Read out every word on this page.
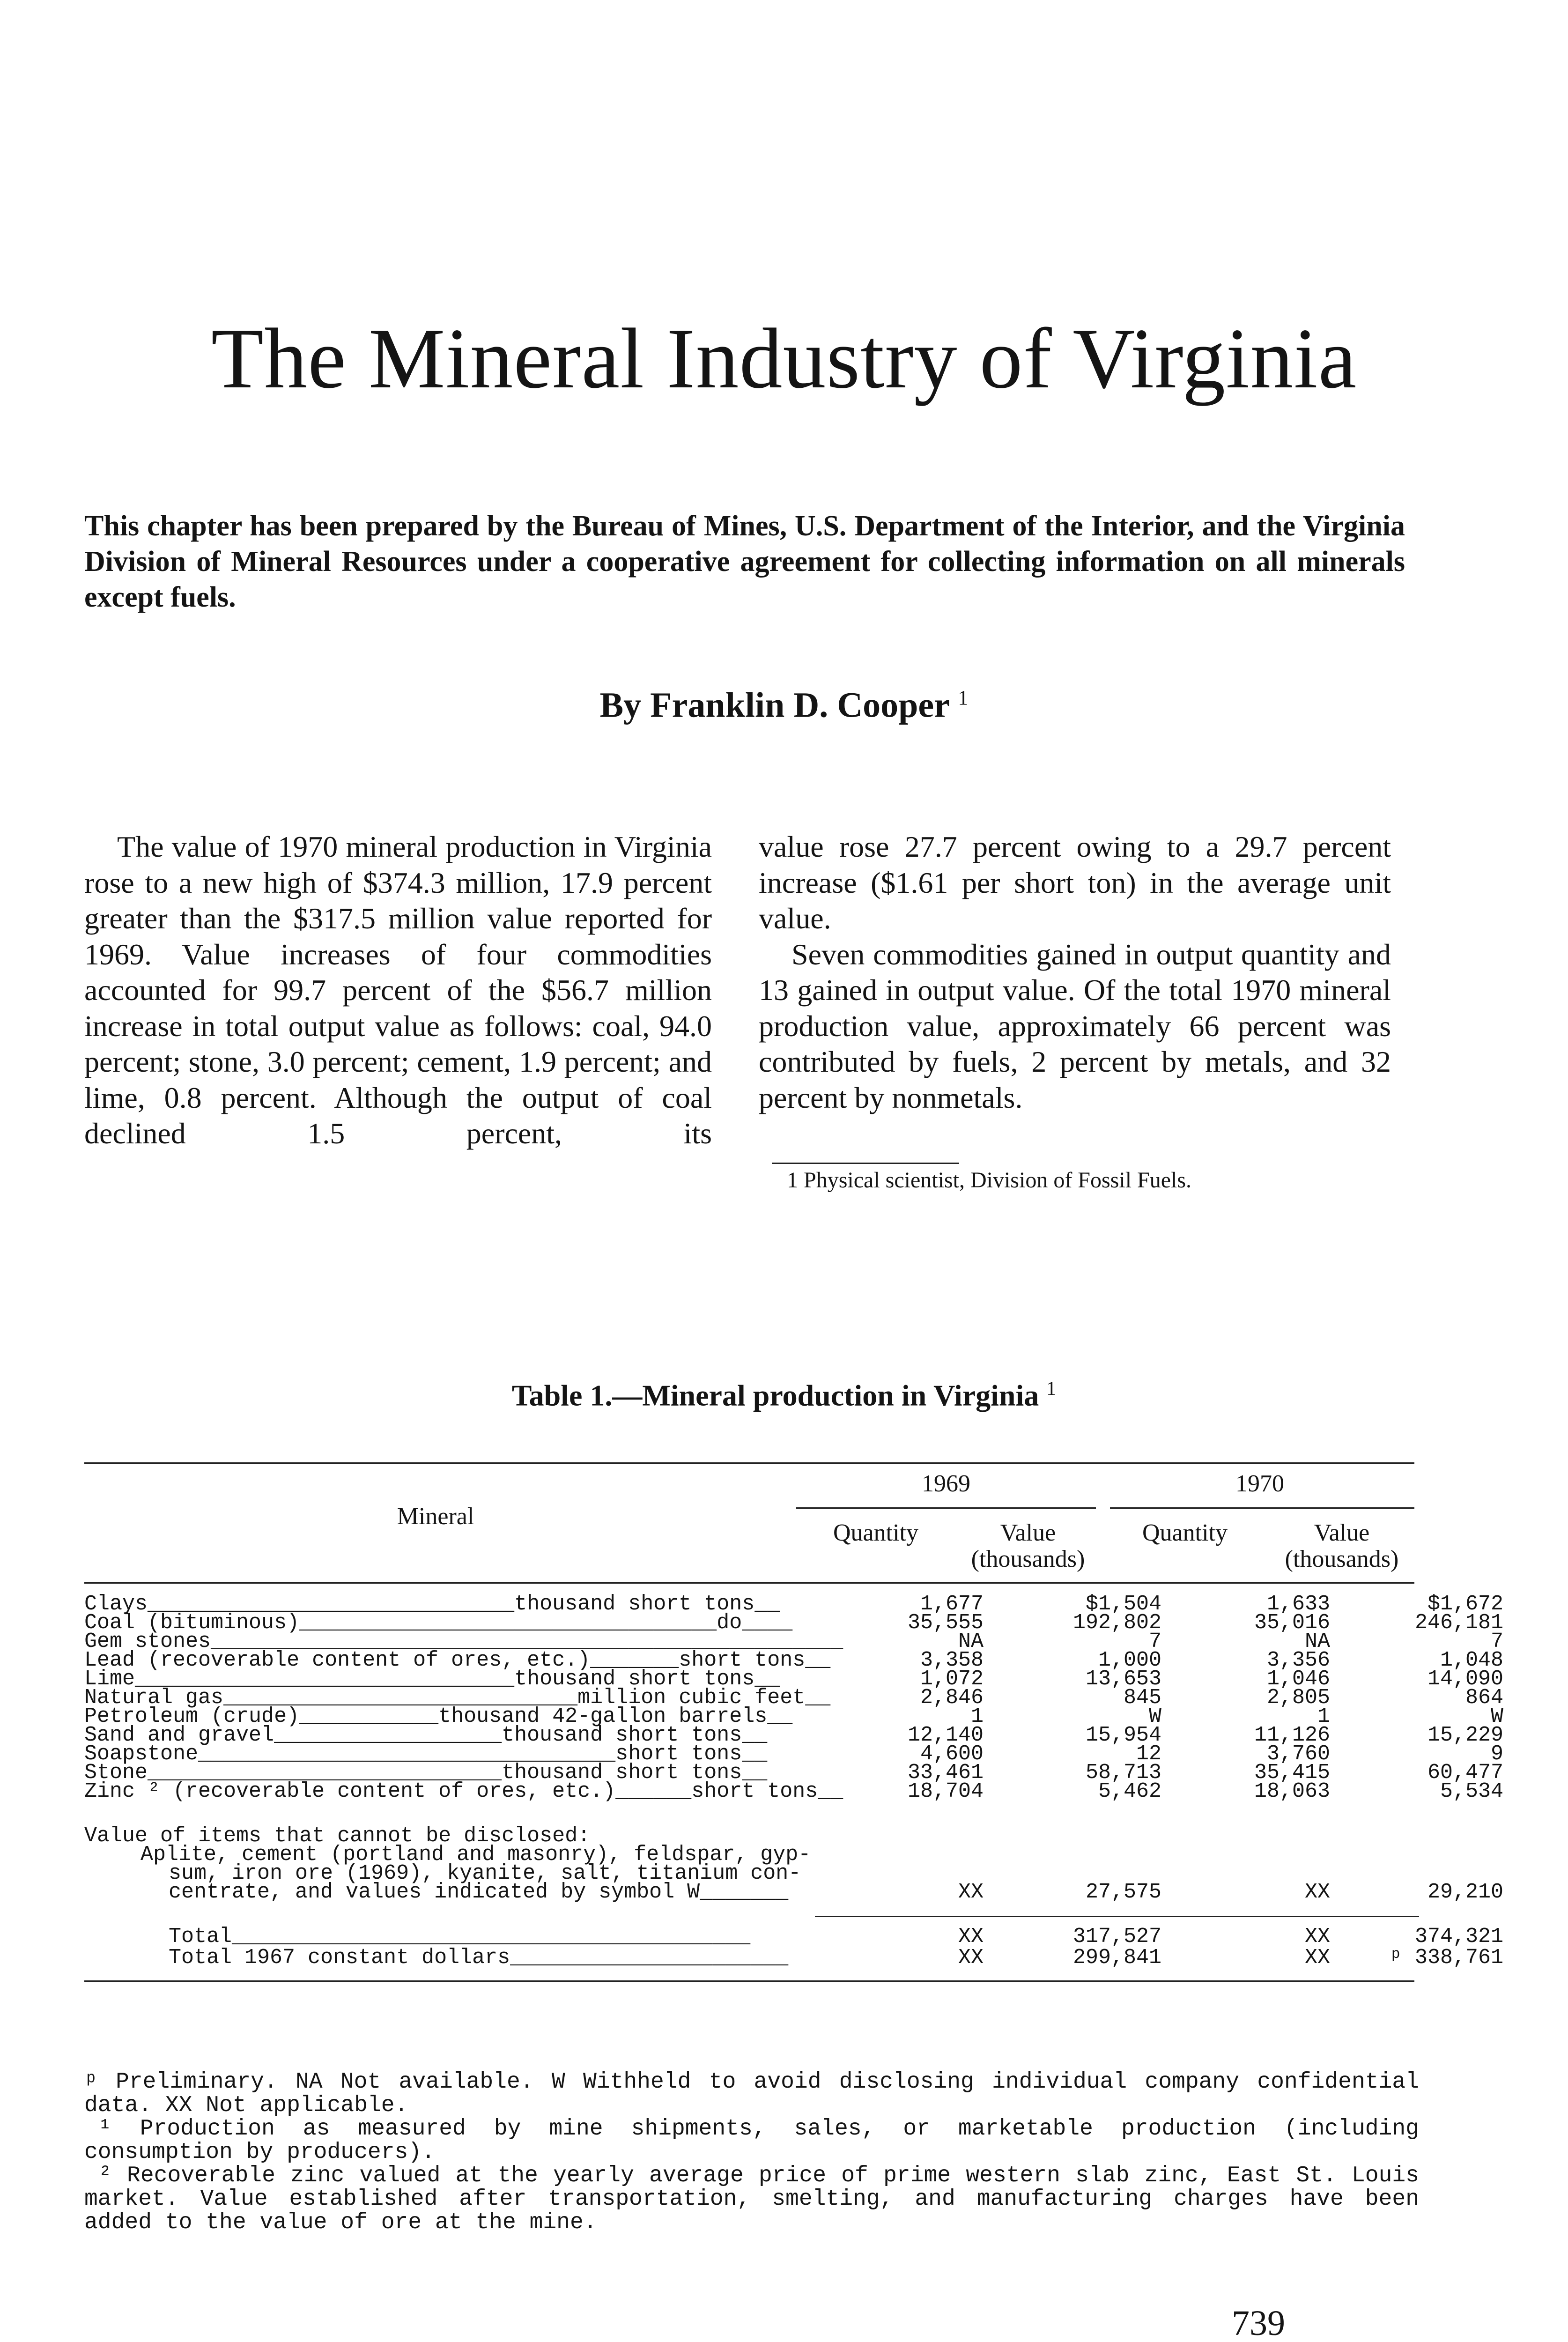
The Mineral Industry of Virginia
This chapter has been prepared by the Bureau of Mines, U.S. Department of the Interior, and the Virginia Division of Mineral Resources under a cooperative agreement for collecting information on all minerals except fuels.
By Franklin D. Cooper $^1$

The value of 1970 mineral production in Virginia rose to a new high of $374.3 million, 17.9 percent greater than the $317.5 million value reported for 1969. Value increases of four commodities accounted for 99.7 percent of the $56.7 million increase in total output value as follows: coal, 94.0 percent; stone, 3.0 percent; cement, 1.9 percent; and lime, 0.8 percent. Although the output of coal declined 1.5 percent, its

value rose 27.7 percent owing to a 29.7 percent increase ($1.61 per short ton) in the average unit value.

Seven commodities gained in output quantity and 13 gained in output value. Of the total 1970 mineral production value, approximately 66 percent was contributed by fuels, 2 percent by metals, and 32 percent by nonmetals.

1 Physical scientist, Division of Fossil Fuels.
Table 1.—Mineral production in Virginia $^1$
Mineral
1969	1970
Quantity	Value
(thousands)
Quantity	Value
(thousands)
Clays_____________________________thousand short tons__	1,677	$1,504	1,633	$1,672
Coal (bituminous)_________________________________do____	35,555	192,802	35,016	246,181
Gem stones__________________________________________________	NA	7	NA	7
Lead (recoverable content of ores, etc.)_______short tons__	3,358	1,000	3,356	1,048
Lime______________________________thousand short tons__	1,072	13,653	1,046	14,090
Natural gas____________________________million cubic feet__	2,846	845	2,805	864
Petroleum (crude)___________thousand 42-gallon barrels__	1	W	1	W
Sand and gravel__________________thousand short tons__	12,140	15,954	11,126	15,229
Soapstone_________________________________short tons__	4,600	12	3,760	9
Stone____________________________thousand short tons__	33,461	58,713	35,415	60,477
Zinc ² (recoverable content of ores, etc.)______short tons__	18,704	5,462	18,063	5,534
Value of items that cannot be disclosed:
Aplite, cement (portland and masonry), feldspar, gyp-
sum, iron ore (1969), kyanite, salt, titanium con-
centrate, and values indicated by symbol W_______	XX	27,575	XX	29,210
Total_________________________________________	XX	317,527	XX	374,321
Total 1967 constant dollars______________________	XX	299,841	XX	ᵖ 338,761

ᵖ Preliminary. NA Not available. W Withheld to avoid disclosing individual company confidential data. XX Not applicable.

¹ Production as measured by mine shipments, sales, or marketable production (including consumption by producers).

² Recoverable zinc valued at the yearly average price of prime western slab zinc, East St. Louis market. Value established after transportation, smelting, and manufacturing charges have been added to the value of ore at the mine.

739
